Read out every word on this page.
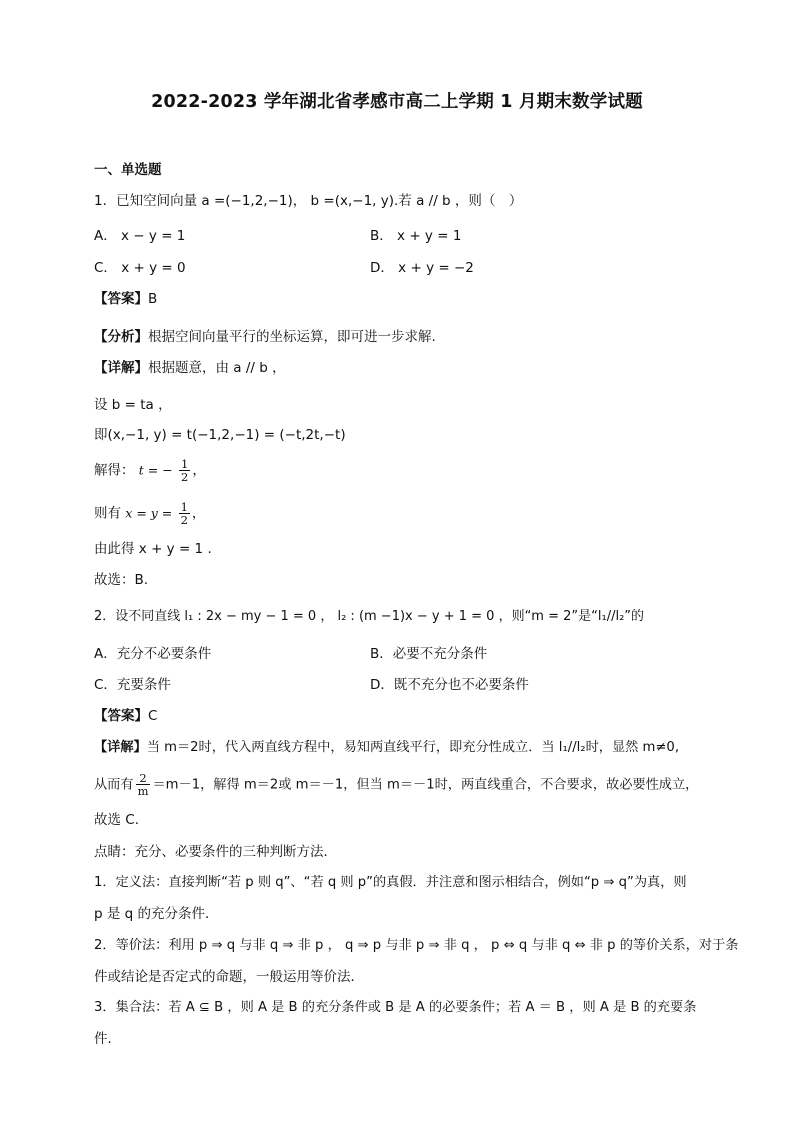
2022-2023 学年湖北省孝感市高二上学期 1 月期末数学试题
一、单选题
1．已知空间向量 a =(−1,2,−1)， b =(x,−1, y).若 a // b ，则（　）
A． x − y = 1	B． x + y = 1
C． x + y = 0	D． x + y = −2
【答案】B
【分析】根据空间向量平行的坐标运算，即可进一步求解.
【详解】根据题意，由 a // b ，
设 b = ta ，
即(x,−1, y) = t(−1,2,−1) = (−t,2t,−t)
解得： t = − $\frac{1}{2}$ ，
则有 $x = y = \frac{1}{2}$ ，
由此得 x + y = 1 .
故选：B.
2．设不同直线 l₁ : 2x − my − 1 = 0 ， l₂ : (m −1)x − y + 1 = 0 ，则“m = 2”是“l₁//l₂”的
A．充分不必要条件	B．必要不充分条件
C．充要条件	D．既不充分也不必要条件
【答案】C
【详解】当 m＝2时，代入两直线方程中，易知两直线平行，即充分性成立．当 l₁//l₂时，显然 m≠0,
从而有 $\frac{2}{m} =m-1$，解得 m＝2或 m＝－1，但当 m＝－1时，两直线重合，不合要求，故必要性成立，
故选 C.
点睛：充分、必要条件的三种判断方法．
1．定义法：直接判断“若 p 则 q”、“若 q 则 p”的真假．并注意和图示相结合，例如“p ⇒ q”为真，则
p 是 q 的充分条件．
2．等价法：利用 p ⇒ q 与非 q ⇒ 非 p ， q ⇒ p 与非 p ⇒ 非 q ， p ⇔ q 与非 q ⇔ 非 p 的等价关系，对于条
件或结论是否定式的命题，一般运用等价法．
3．集合法：若 A ⊆ B ，则 A 是 B 的充分条件或 B 是 A 的必要条件；若 A ＝ B ，则 A 是 B 的充要条
件．
